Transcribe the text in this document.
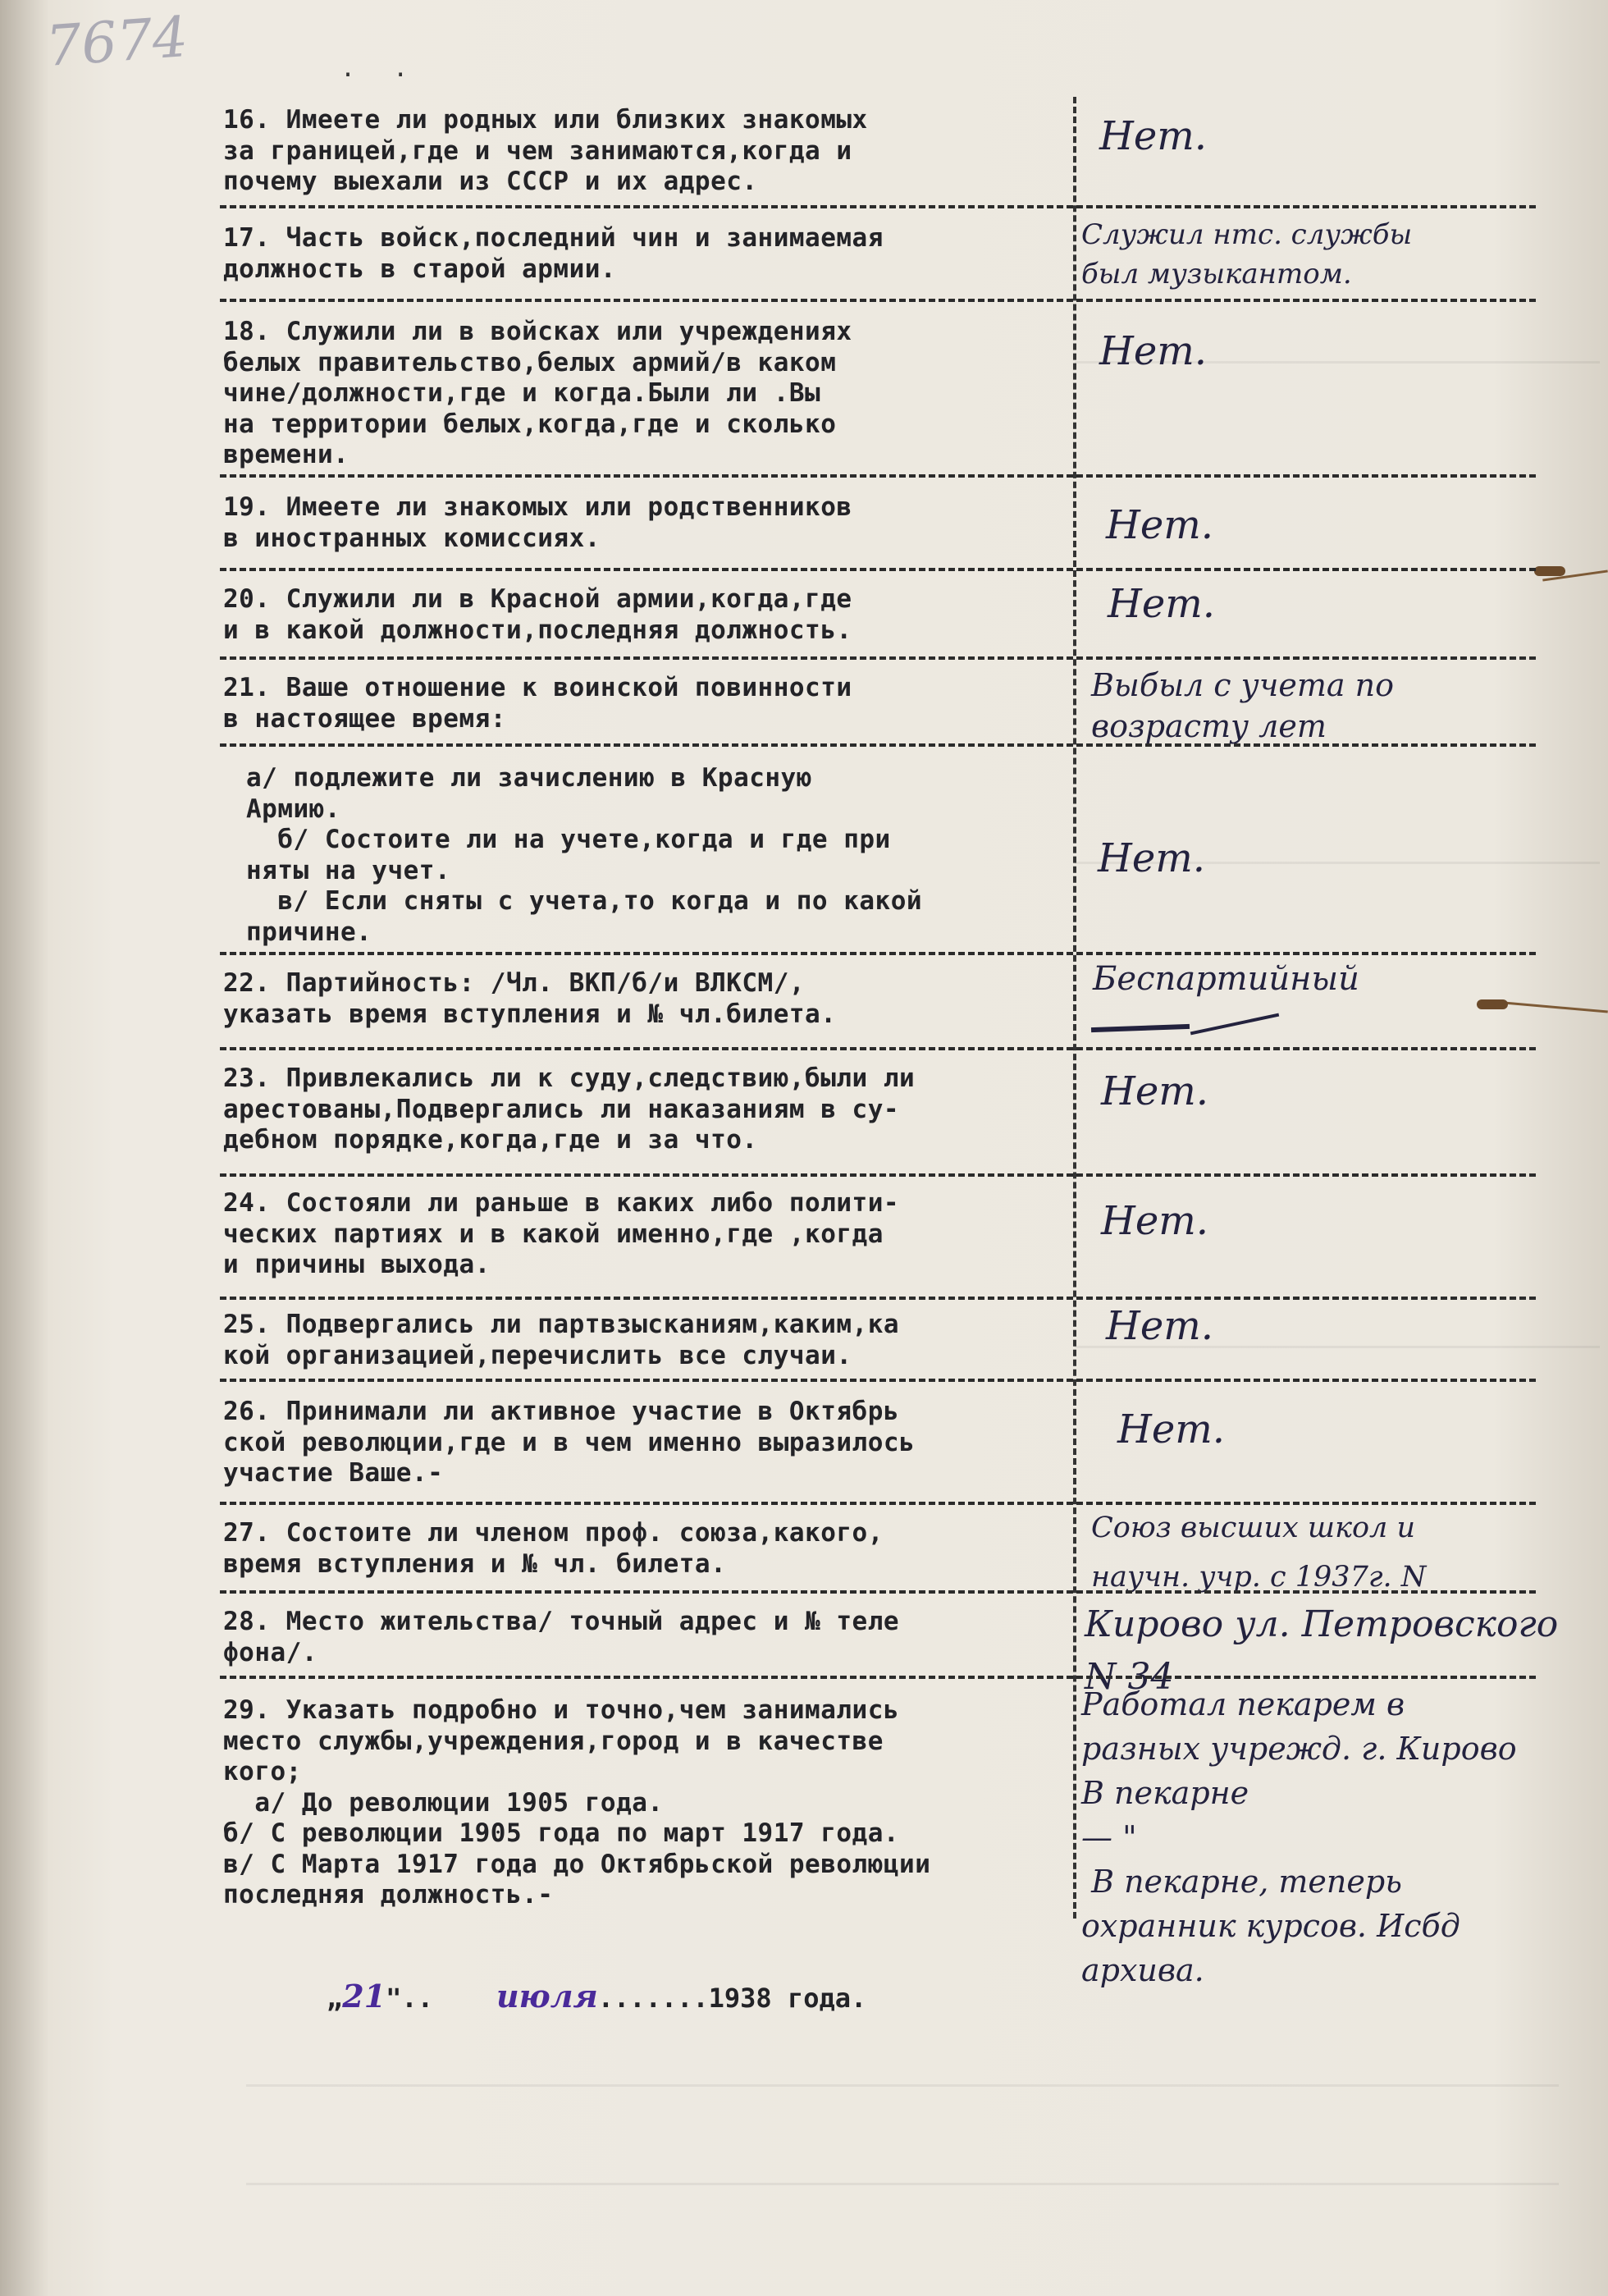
7674	. .
16. Имеете ли родных или близких знакомых
за границей,где и чем занимаются,когда и
почему выехали из СССР и их адрес.
Нет.
17. Часть войск,последний чин и занимаемая
должность в старой армии.
Служил нтс. службы
был музыкантом.
18. Служили ли в войсках или учреждениях
белых правительство,белых армий/в каком
чине/должности,где и когда.Были ли .Вы
на территории белых,когда,где и сколько
времени.
Нет.
19. Имеете ли знакомых или родственников
в иностранных комиссиях.	Нет.
20. Служили ли в Красной армии,когда,где
и в какой должности,последняя должность.
Нет.
21. Ваше отношение к воинской повинности
в настоящее время:
Выбыл с учета по
возрасту лет
а/ подлежите ли зачислению в Красную
Армию.
б/ Состоите ли на учете,когда и где при
няты на учет.
в/ Если сняты с учета,то когда и по какой
причине.
Нет.
22. Партийность: /Чл. ВКП/б/и ВЛКСМ/,
указать время вступления и № чл.билета.
Беспартийный
23. Привлекались ли к суду,следствию,были ли
арестованы,Подвергались ли наказаниям в су-
дебном порядке,когда,где и за что.
Нет.
24. Состояли ли раньше в каких либо полити-
ческих партиях и в какой именно,где ,когда
и причины выхода.
Нет.
25. Подвергались ли партвзысканиям,каким,ка
кой организацией,перечислить все случаи.
Нет.
26. Принимали ли активное участие в Октябрь
ской революции,где и в чем именно выразилось
участие Ваше.-
Нет.
27. Состоите ли членом проф. союза,какого,
время вступления и № чл. билета.
Союз высших школ и
научн. учр. с 1937г. N
28. Место жительства/ точный адрес и № теле
фона/.
Кирово ул. Петровского
N 34
29. Указать подробно и точно,чем занимались
место службы,учреждения,город и в качестве
кого;
а/ До революции 1905 года.
б/ С революции 1905 года по март 1917 года.
в/ С Марта 1917 года до Октябрьской революции
последняя должность.-
Работал пекарем в
разных учрежд. г. Кирово
В пекарне
— "
В пекарне, теперь
охранник курсов. Исбд
архива.
„21"..    июля.......1938 года.
